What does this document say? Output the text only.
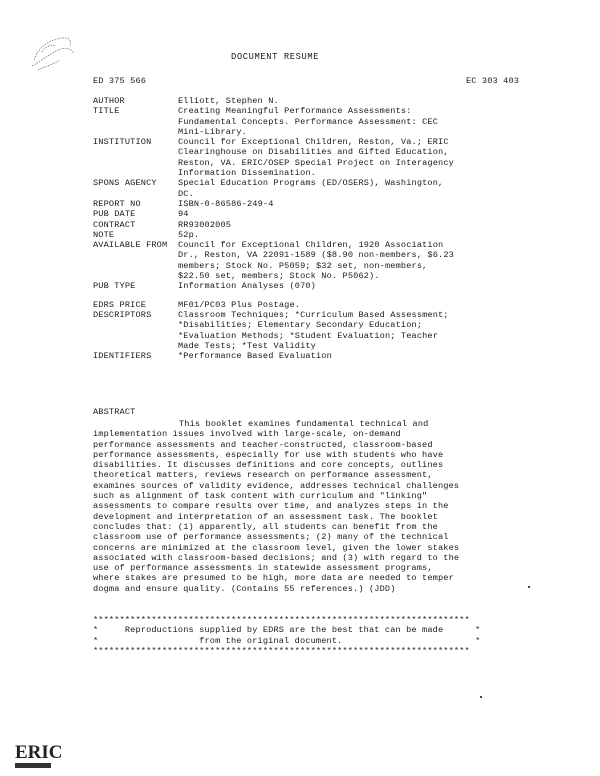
DOCUMENT RESUME
ED 375 566	EC 303 403
AUTHOR	Elliott, Stephen N.
TITLE	Creating Meaningful Performance Assessments:
Fundamental Concepts. Performance Assessment: CEC
Mini-Library.
INSTITUTION	Council for Exceptional Children, Reston, Va.; ERIC
Clearinghouse on Disabilities and Gifted Education,
Reston, VA. ERIC/OSEP Special Project on Interagency
Information Dissemination.
SPONS AGENCY	Special Education Programs (ED/OSERS), Washington,
DC.
REPORT NO	ISBN-0-86586-249-4
PUB DATE	94
CONTRACT	RR93002005
NOTE	52p.
AVAILABLE FROM	Council for Exceptional Children, 1920 Association
Dr., Reston, VA 22091-1589 ($8.90 non-members, $6.23
members; Stock No. P5059; $32 set, non-members,
$22.50 set, members; Stock No. P5062).
PUB TYPE	Information Analyses (070)
EDRS PRICE	MF01/PC03 Plus Postage.
DESCRIPTORS	Classroom Techniques; *Curriculum Based Assessment;
*Disabilities; Elementary Secondary Education;
*Evaluation Methods; *Student Evaluation; Teacher
Made Tests; *Test Validity
IDENTIFIERS	*Performance Based Evaluation
ABSTRACT
This booklet examines fundamental technical and
implementation issues involved with large-scale, on-demand
performance assessments and teacher-constructed, classroom-based
performance assessments, especially for use with students who have
disabilities. It discusses definitions and core concepts, outlines
theoretical matters, reviews research on performance assessment,
examines sources of validity evidence, addresses technical challenges
such as alignment of task content with curriculum and "linking"
assessments to compare results over time, and analyzes steps in the
development and interpretation of an assessment task. The booklet
concludes that: (1) apparently, all students can benefit from the
classroom use of performance assessments; (2) many of the technical
concerns are minimized at the classroom level, given the lower stakes
associated with classroom-based decisions; and (3) with regard to the
use of performance assessments in statewide assessment programs,
where stakes are presumed to be high, more data are needed to temper
dogma and ensure quality. (Contains 55 references.) (JDD)
***********************************************************************
*     Reproductions supplied by EDRS are the best that can be made      *
*                   from the original document.                         *
***********************************************************************
ERIC
